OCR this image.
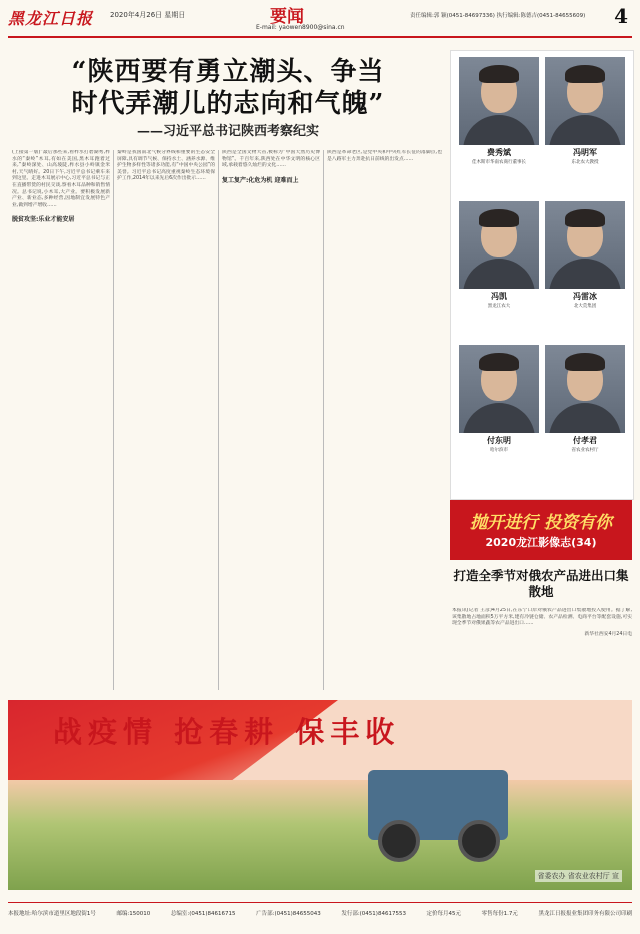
黑龙江日报 2020年4月26日 星期日	要闻
E-mail: yaowen8900@sina.cn
责任编辑:郭 颖(0451-84697336) 执行编辑:陈德吉(0451-84655609) 4
“陕西要有勇立潮头、争当
时代弄潮儿的志向和气魄”
——习近平总书记陕西考察纪实
(上接第一版)“最后那些来,看柞水打碧湖秀,柞水的“秦岭”木耳,有如在美国,黑木耳跑着过来,”秦岭深处、山高坡陡,柞水县小岭镇金米村,天气晴好。20日下午,习近平总书记乘车来到这里。走进木耳展示中心,习近平总书记与正在直播带货的村民交谈,察看木耳品种和销售情况。总书记说,小木耳,大产业。要积极发展新产业、新业态,多种经营,因地制宜发展特色产业,做到增产增收……
脱贫攻坚:乐业才能安居
秦岭是我国南北气候分界线和重要的生态安全屏障,具有调节气候、保持水土、涵养水源、维护生物多样性等诸多功能,有“中国中央公园”的美誉。习近平总书记高度重视秦岭生态环境保护工作,2014年以来先后6次作出批示……
陕西是全国文物大省,被称为“中国天然历史博物馆”。千百年来,陕西处在中华文明的核心区域,承载着悠久灿烂的文化……
复工复产:化危为机 迎难而上
陕西是革命老区,是党中央和中央红军长征的落脚点,也是八路军主力奔赴抗日前线的出发点……
费秀斌
佳木斯市华南农商行董事长
冯明军
东北农大教授
冯凯
黑龙江农大
冯雷冰
北大荒集团
付东明
哈尔滨市
付孝君
省农业农村厅
抛开进行 投资有你
2020龙江影像志(34)
打造全季节对俄农产品进出口集散地
本报讯(记者 王彦)4月25日,在东宁口岸对俄农产品进出口集散地投入使用。据了解,该集散地占地面积5万平方米,建有冷链仓储、农产品检测、电商平台等配套设施,可实现全季节对俄果蔬等农产品进出口……
新华社西安4月24日电
战疫情 抢春耕 保丰收
省委农办 省农业农村厅 宣
本报地址:哈尔滨市道里区地段街1号	邮编:150010	总编室:(0451)84616715	广告部:(0451)84655043	发行部:(0451)84617553	定价每月45元	零售每份1.7元	黑龙江日报报业集团印务有限公司印刷
